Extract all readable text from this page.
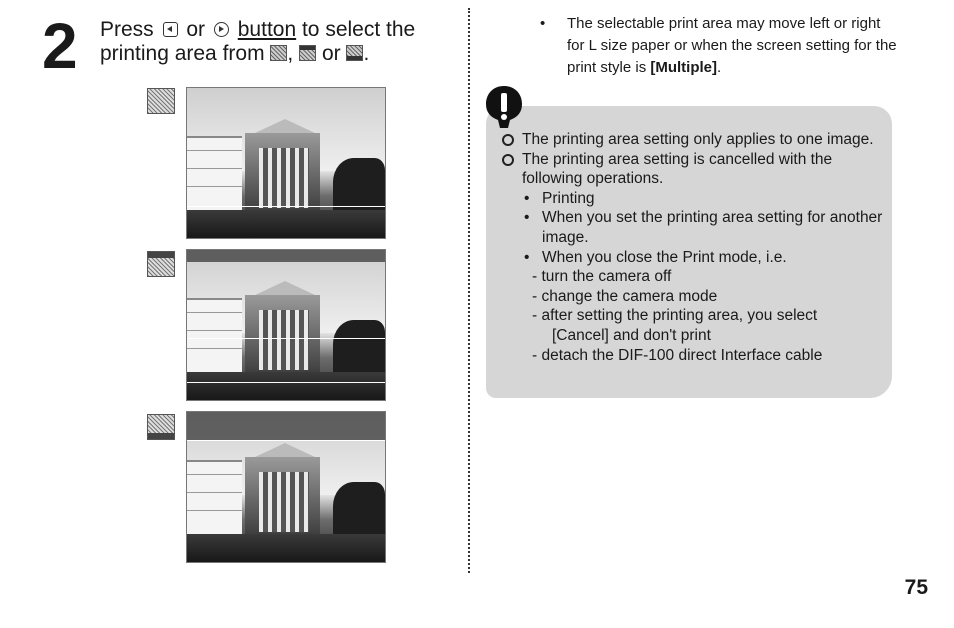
2 Press or button to select the
printing area from , or .
• The selectable print area may move left or right for L size paper or when the screen setting for the print style is [Multiple].

The printing area setting only applies to one image.
The printing area setting is cancelled with the following operations.
• Printing
• When you set the printing area setting for another image.
• When you close the Print mode, i.e.
- turn the camera off
- change the camera mode
- after setting the printing area, you select
[Cancel] and don't print
- detach the DIF-100 direct Interface cable
75
